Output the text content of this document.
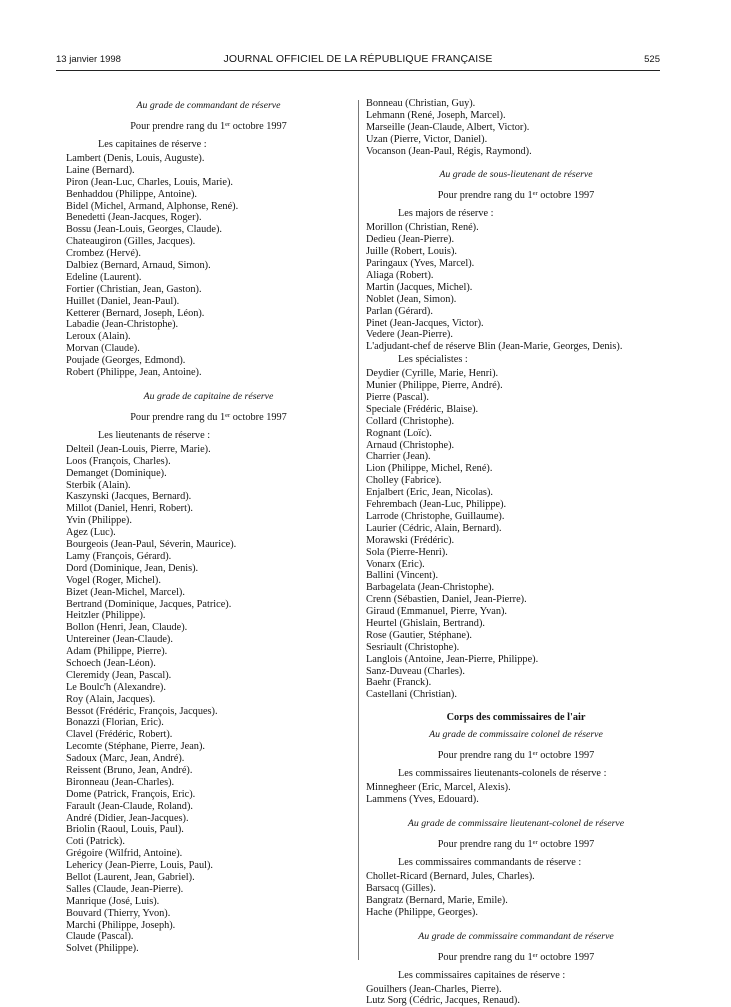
13 janvier 1998	JOURNAL OFFICIEL DE LA RÉPUBLIQUE FRANÇAISE	525
Au grade de commandant de réserve
Pour prendre rang du 1er octobre 1997
Les capitaines de réserve :
Lambert (Denis, Louis, Auguste).
Laine (Bernard).
Piron (Jean-Luc, Charles, Louis, Marie).
Benhaddou (Philippe, Antoine).
Bidel (Michel, Armand, Alphonse, René).
Benedetti (Jean-Jacques, Roger).
Bossu (Jean-Louis, Georges, Claude).
Chateaugiron (Gilles, Jacques).
Crombez (Hervé).
Dalbiez (Bernard, Arnaud, Simon).
Edeline (Laurent).
Fortier (Christian, Jean, Gaston).
Huillet (Daniel, Jean-Paul).
Ketterer (Bernard, Joseph, Léon).
Labadie (Jean-Christophe).
Leroux (Alain).
Morvan (Claude).
Poujade (Georges, Edmond).
Robert (Philippe, Jean, Antoine).
Au grade de capitaine de réserve
Pour prendre rang du 1er octobre 1997
Les lieutenants de réserve :
Delteil (Jean-Louis, Pierre, Marie).
Loos (François, Charles).
Demanget (Dominique).
Sterbik (Alain).
Kaszynski (Jacques, Bernard).
Millot (Daniel, Henri, Robert).
Yvin (Philippe).
Agez (Luc).
Bourgeois (Jean-Paul, Séverin, Maurice).
Lamy (François, Gérard).
Dord (Dominique, Jean, Denis).
Vogel (Roger, Michel).
Bizet (Jean-Michel, Marcel).
Bertrand (Dominique, Jacques, Patrice).
Heitzler (Philippe).
Bollon (Henri, Jean, Claude).
Untereiner (Jean-Claude).
Adam (Philippe, Pierre).
Schoech (Jean-Léon).
Cleremidy (Jean, Pascal).
Le Boulc'h (Alexandre).
Roy (Alain, Jacques).
Bessot (Frédéric, François, Jacques).
Bonazzi (Florian, Eric).
Clavel (Frédéric, Robert).
Lecomte (Stéphane, Pierre, Jean).
Sadoux (Marc, Jean, André).
Reissent (Bruno, Jean, André).
Bironneau (Jean-Charles).
Dome (Patrick, François, Eric).
Farault (Jean-Claude, Roland).
André (Didier, Jean-Jacques).
Briolin (Raoul, Louis, Paul).
Coti (Patrick).
Grégoire (Wilfrid, Antoine).
Lehericy (Jean-Pierre, Louis, Paul).
Bellot (Laurent, Jean, Gabriel).
Salles (Claude, Jean-Pierre).
Manrique (José, Luis).
Bouvard (Thierry, Yvon).
Marchi (Philippe, Joseph).
Claude (Pascal).
Solvet (Philippe).
Bonneau (Christian, Guy).
Lehmann (René, Joseph, Marcel).
Marseille (Jean-Claude, Albert, Victor).
Uzan (Pierre, Victor, Daniel).
Vocanson (Jean-Paul, Régis, Raymond).
Au grade de sous-lieutenant de réserve
Pour prendre rang du 1er octobre 1997
Les majors de réserve :
Morillon (Christian, René).
Dedieu (Jean-Pierre).
Juille (Robert, Louis).
Paringaux (Yves, Marcel).
Aliaga (Robert).
Martin (Jacques, Michel).
Noblet (Jean, Simon).
Parlan (Gérard).
Pinet (Jean-Jacques, Victor).
Vedere (Jean-Pierre).
L'adjudant-chef de réserve Blin (Jean-Marie, Georges, Denis).
Les spécialistes :
Deydier (Cyrille, Marie, Henri).
Munier (Philippe, Pierre, André).
Pierre (Pascal).
Speciale (Frédéric, Blaise).
Collard (Christophe).
Rognant (Loïc).
Arnaud (Christophe).
Charrier (Jean).
Lion (Philippe, Michel, René).
Cholley (Fabrice).
Enjalbert (Eric, Jean, Nicolas).
Fehrembach (Jean-Luc, Philippe).
Larrode (Christophe, Guillaume).
Laurier (Cédric, Alain, Bernard).
Morawski (Frédéric).
Sola (Pierre-Henri).
Vonarx (Eric).
Ballini (Vincent).
Barbagelata (Jean-Christophe).
Crenn (Sébastien, Daniel, Jean-Pierre).
Giraud (Emmanuel, Pierre, Yvan).
Heurtel (Ghislain, Bertrand).
Rose (Gautier, Stéphane).
Sesriault (Christophe).
Langlois (Antoine, Jean-Pierre, Philippe).
Sanz-Duveau (Charles).
Baehr (Franck).
Castellani (Christian).
Corps des commissaires de l'air
Au grade de commissaire colonel de réserve
Pour prendre rang du 1er octobre 1997
Les commissaires lieutenants-colonels de réserve :
Minnegheer (Eric, Marcel, Alexis).
Lammens (Yves, Edouard).
Au grade de commissaire lieutenant-colonel de réserve
Pour prendre rang du 1er octobre 1997
Les commissaires commandants de réserve :
Chollet-Ricard (Bernard, Jules, Charles).
Barsacq (Gilles).
Bangratz (Bernard, Marie, Emile).
Hache (Philippe, Georges).
Au grade de commissaire commandant de réserve
Pour prendre rang du 1er octobre 1997
Les commissaires capitaines de réserve :
Gouilhers (Jean-Charles, Pierre).
Lutz Sorg (Cédric, Jacques, Renaud).
